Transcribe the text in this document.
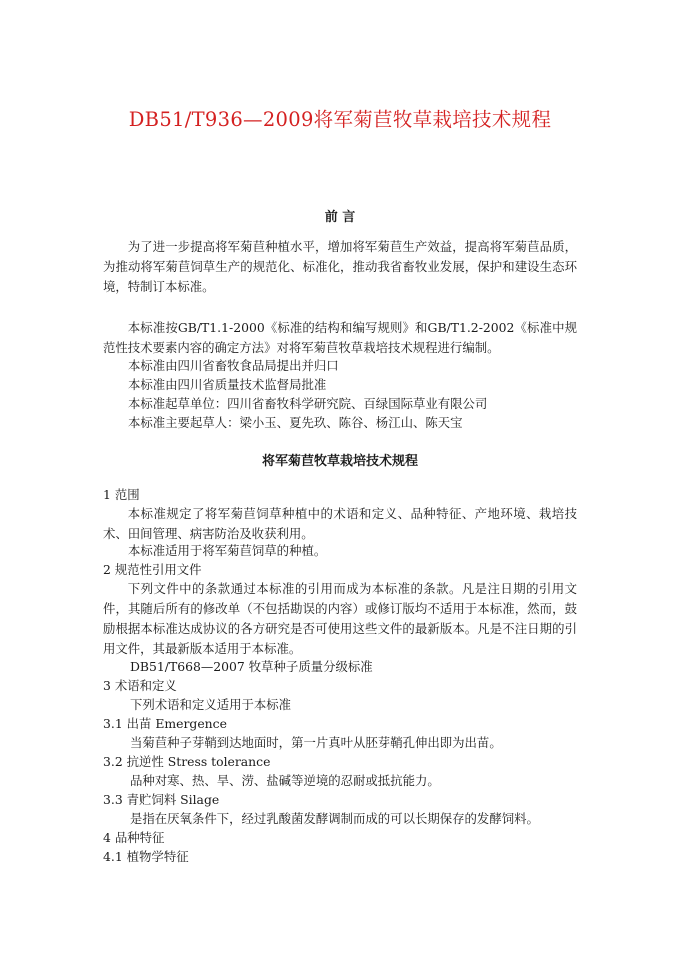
DB51/T936—2009将军菊苣牧草栽培技术规程
前 言

为了进一步提高将军菊苣种植水平，增加将军菊苣生产效益，提高将军菊苣品质，为推动将军菊苣饲草生产的规范化、标准化，推动我省畜牧业发展，保护和建设生态环境，特制订本标准。

本标准按GB/T1.1-2000《标准的结构和编写规则》和GB/T1.2-2002《标准中规范性技术要素内容的确定方法》对将军菊苣牧草栽培技术规程进行编制。

本标准由四川省畜牧食品局提出并归口

本标准由四川省质量技术监督局批准

本标准起草单位：四川省畜牧科学研究院、百绿国际草业有限公司

本标准主要起草人：梁小玉、夏先玖、陈谷、杨江山、陈天宝

将军菊苣牧草栽培技术规程

1 范围

本标准规定了将军菊苣饲草种植中的术语和定义、品种特征、产地环境、栽培技术、田间管理、病害防治及收获利用。

本标准适用于将军菊苣饲草的种植。

2 规范性引用文件

下列文件中的条款通过本标准的引用而成为本标准的条款。凡是注日期的引用文件，其随后所有的修改单（不包括勘误的内容）或修订版均不适用于本标准，然而，鼓励根据本标准达成协议的各方研究是否可使用这些文件的最新版本。凡是不注日期的引用文件，其最新版本适用于本标准。

DB51/T668—2007 牧草种子质量分级标准

3 术语和定义

下列术语和定义适用于本标准

3.1 出苗 Emergence

当菊苣种子芽鞘到达地面时，第一片真叶从胚芽鞘孔伸出即为出苗。

3.2 抗逆性 Stress tolerance

品种对寒、热、旱、涝、盐碱等逆境的忍耐或抵抗能力。

3.3 青贮饲料 Silage

是指在厌氧条件下，经过乳酸菌发酵调制而成的可以长期保存的发酵饲料。

4 品种特征

4.1 植物学特征
